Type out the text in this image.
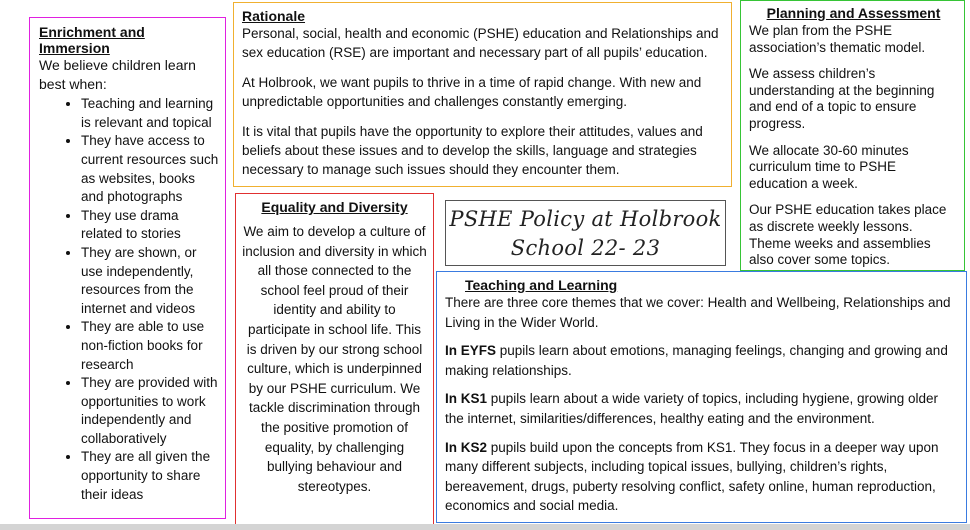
Enrichment and Immersion

We believe children learn best when:

• Teaching and learning is relevant and topical
• They have access to current resources such as websites, books and photographs
• They use drama related to stories
• They are shown, or use independently, resources from the internet and videos
• They are able to use non-fiction books for research
• They are provided with opportunities to work independently and collaboratively
• They are all given the opportunity to share their ideas
Rationale

Personal, social, health and economic (PSHE) education and Relationships and sex education (RSE) are important and necessary part of all pupils’ education.

At Holbrook, we want pupils to thrive in a time of rapid change. With new and unpredictable opportunities and challenges constantly emerging.

It is vital that pupils have the opportunity to explore their attitudes, values and beliefs about these issues and to develop the skills, language and strategies necessary to manage such issues should they encounter them.

Planning and Assessment

We plan from the PSHE association’s thematic model.

We assess children’s understanding at the beginning and end of a topic to ensure progress.

We allocate 30-60 minutes curriculum time to PSHE education a week.

Our PSHE education takes place as discrete weekly lessons. Theme weeks and assemblies also cover some topics.

Equality and Diversity

We aim to develop a culture of inclusion and diversity in which all those connected to the school feel proud of their identity and ability to participate in school life. This is driven by our strong school culture, which is underpinned by our PSHE curriculum. We tackle discrimination through the positive promotion of equality, by challenging bullying behaviour and stereotypes.

PSHE Policy at Holbrook
School 22- 23
Teaching and Learning

There are three core themes that we cover: Health and Wellbeing, Relationships and Living in the Wider World.

In EYFS pupils learn about emotions, managing feelings, changing and growing and making relationships.

In KS1 pupils learn about a wide variety of topics, including hygiene, growing older the internet, similarities/differences, healthy eating and the environment.

In KS2 pupils build upon the concepts from KS1. They focus in a deeper way upon many different subjects, including topical issues, bullying, children’s rights, bereavement, drugs, puberty resolving conflict, safety online, human reproduction, economics and social media.
